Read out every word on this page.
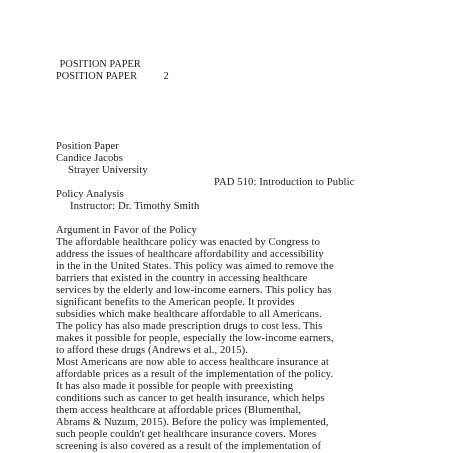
POSITION PAPER
POSITION PAPER          2
Position Paper
Candice Jacobs
Strayer University
PAD 510: Introduction to Public
Policy Analysis
Instructor: Dr. Timothy Smith
Argument in Favor of the Policy
The affordable healthcare policy was enacted by Congress to
address the issues of healthcare affordability and accessibility
in the in the United States. This policy was aimed to remove the
barriers that existed in the country in accessing healthcare
services by the elderly and low-income earners. This policy has
significant benefits to the American people. It provides
subsidies which make healthcare affordable to all Americans.
The policy has also made prescription drugs to cost less. This
makes it possible for people, especially the low-income earners,
to afford these drugs (Andrews et al., 2015).
Most Americans are now able to access healthcare insurance at
affordable prices as a result of the implementation of the policy.
It has also made it possible for people with preexisting
conditions such as cancer to get health insurance, which helps
them access healthcare at affordable prices (Blumenthal,
Abrams & Nuzum, 2015). Before the policy was implemented,
such people couldn't get healthcare insurance covers. Mores
screening is also covered as a result of the implementation of
